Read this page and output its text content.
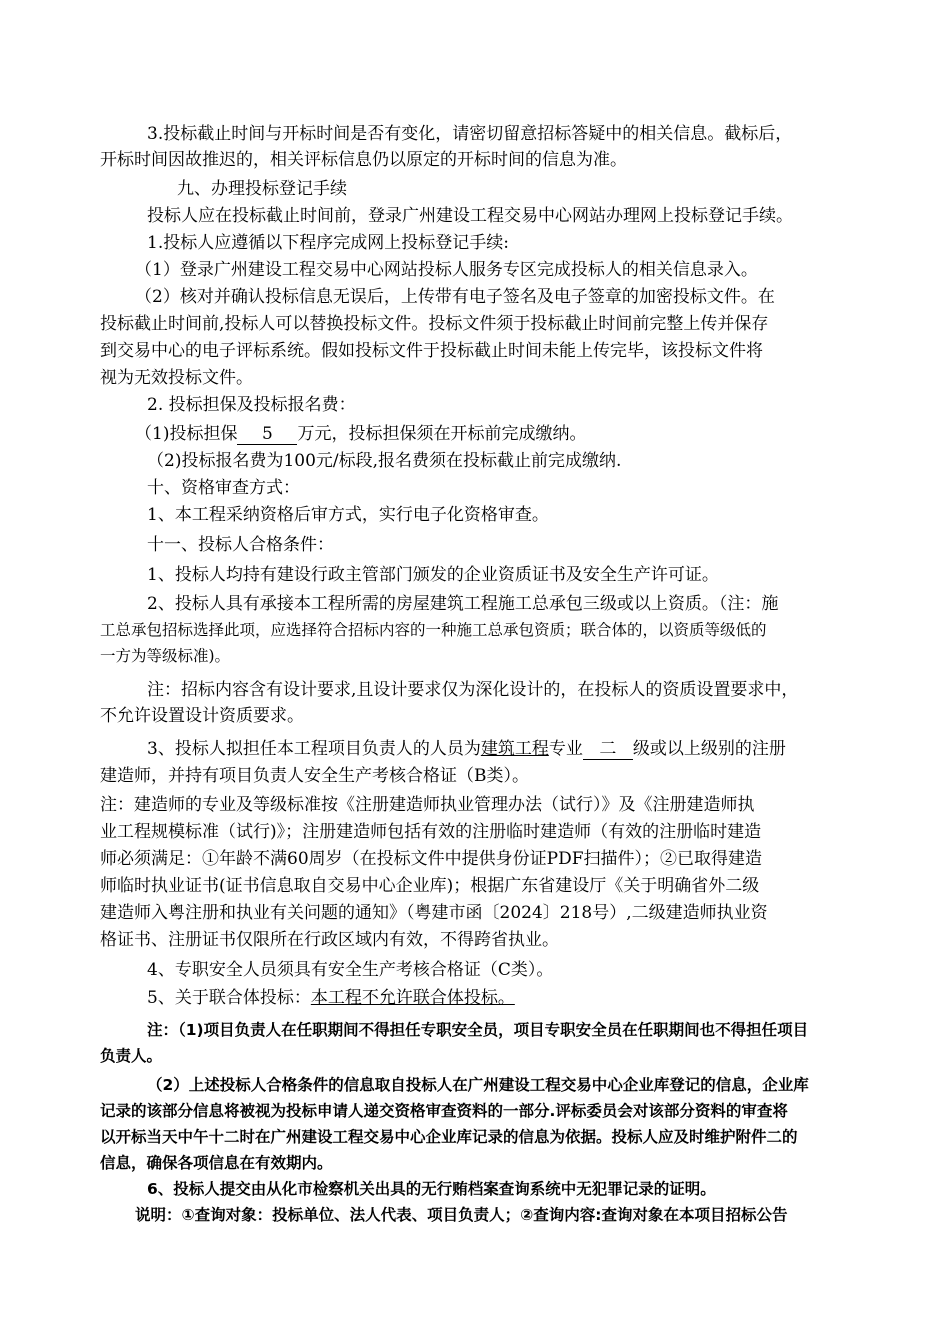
3.投标截止时间与开标时间是否有变化，请密切留意招标答疑中的相关信息。截标后，
开标时间因故推迟的，相关评标信息仍以原定的开标时间的信息为准。
九、办理投标登记手续
投标人应在投标截止时间前，登录广州建设工程交易中心网站办理网上投标登记手续。
1.投标人应遵循以下程序完成网上投标登记手续:
（1）登录广州建设工程交易中心网站投标人服务专区完成投标人的相关信息录入。
（2）核对并确认投标信息无误后，上传带有电子签名及电子签章的加密投标文件。在
投标截止时间前,投标人可以替换投标文件。投标文件须于投标截止时间前完整上传并保存
到交易中心的电子评标系统。假如投标文件于投标截止时间未能上传完毕，该投标文件将
视为无效投标文件。
2. 投标担保及投标报名费：
（1)投标担保 5 万元，投标担保须在开标前完成缴纳。
（2)投标报名费为100元/标段,报名费须在投标截止前完成缴纳.
十、资格审查方式：
1、本工程采纳资格后审方式，实行电子化资格审查。
十一、投标人合格条件：
1、投标人均持有建设行政主管部门颁发的企业资质证书及安全生产许可证。
2、投标人具有承接本工程所需的房屋建筑工程施工总承包三级或以上资质。（注：施
工总承包招标选择此项，应选择符合招标内容的一种施工总承包资质；联合体的，以资质等级低的
一方为等级标准)。
注：招标内容含有设计要求,且设计要求仅为深化设计的，在投标人的资质设置要求中，
不允许设置设计资质要求。
3、投标人拟担任本工程项目负责人的人员为建筑工程专业 二 级或以上级别的注册
建造师，并持有项目负责人安全生产考核合格证（B类）。
注：建造师的专业及等级标准按《注册建造师执业管理办法（试行）》及《注册建造师执
业工程规模标准（试行)》；注册建造师包括有效的注册临时建造师（有效的注册临时建造
师必须满足：①年龄不满60周岁（在投标文件中提供身份证PDF扫描件）；②已取得建造
师临时执业证书(证书信息取自交易中心企业库)；根据广东省建设厅《关于明确省外二级
建造师入粤注册和执业有关问题的通知》（粤建市函〔2024〕218号）,二级建造师执业资
格证书、注册证书仅限所在行政区域内有效，不得跨省执业。
4、专职安全人员须具有安全生产考核合格证（C类）。
5、关于联合体投标：本工程不允许联合体投标。
注：（1)项目负责人在任职期间不得担任专职安全员，项目专职安全员在任职期间也不得担任项目
负责人。
（2）上述投标人合格条件的信息取自投标人在广州建设工程交易中心企业库登记的信息，企业库
记录的该部分信息将被视为投标申请人递交资格审查资料的一部分.评标委员会对该部分资料的审查将
以开标当天中午十二时在广州建设工程交易中心企业库记录的信息为依据。投标人应及时维护附件二的
信息，确保各项信息在有效期内。
6、投标人提交由从化市检察机关出具的无行贿档案查询系统中无犯罪记录的证明。
说明：①查询对象：投标单位、法人代表、项目负责人；②查询内容:查询对象在本项目招标公告
